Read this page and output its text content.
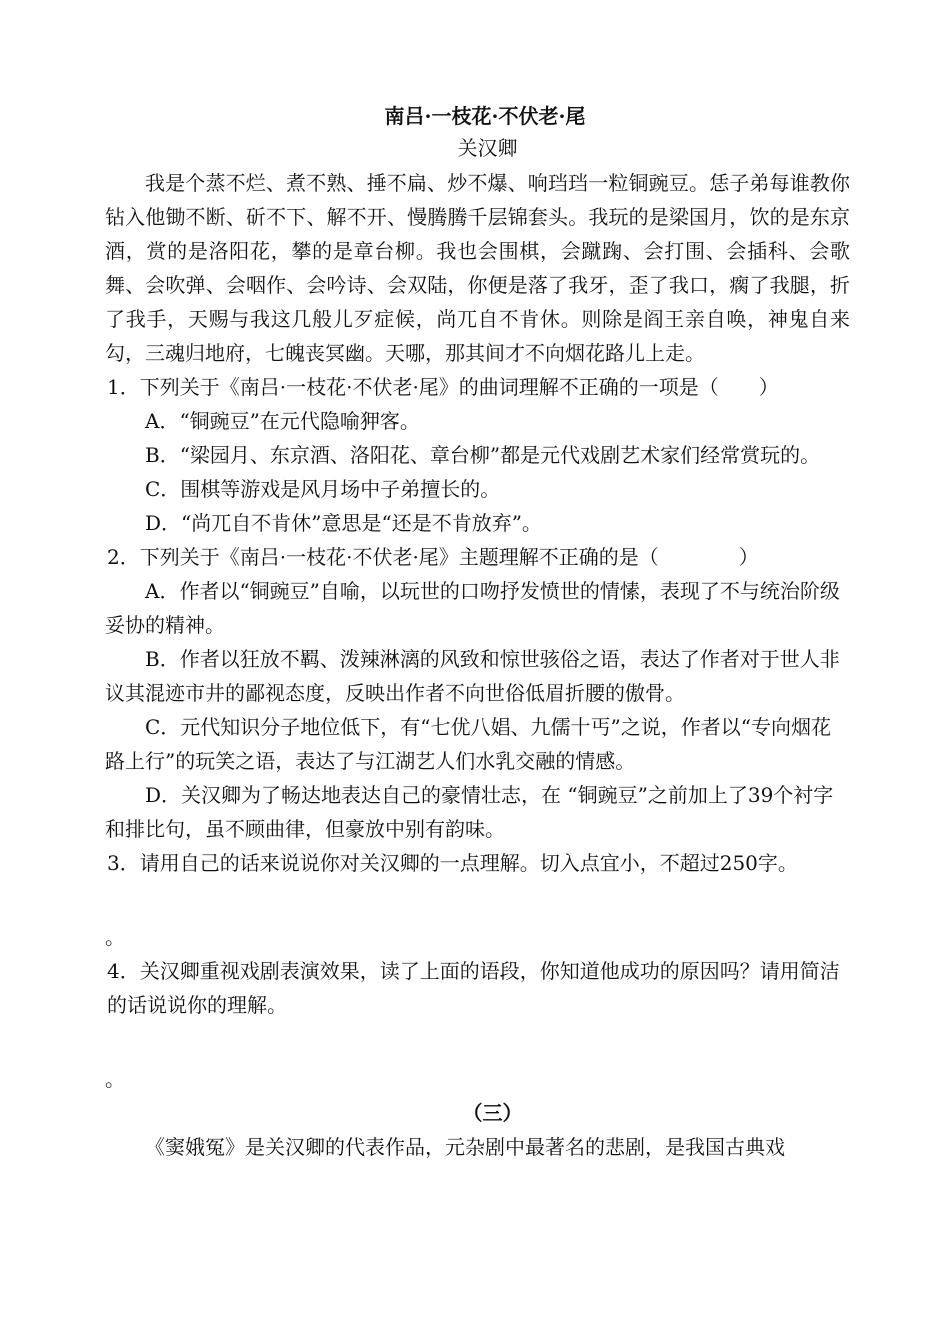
南吕·一枝花·不伏老·尾
关汉卿
我是个蒸不烂、煮不熟、捶不扁、炒不爆、响珰珰一粒铜豌豆。恁子弟每谁教你钻入他锄不断、斫不下、解不开、慢腾腾千层锦套头。我玩的是梁国月，饮的是东京酒，赏的是洛阳花，攀的是章台柳。我也会围棋，会蹴踘、会打围、会插科、会歌舞、会吹弹、会咽作、会吟诗、会双陆，你便是落了我牙，歪了我口，瘸了我腿，折了我手，天赐与我这几般儿歹症候，尚兀自不肯休。则除是阎王亲自唤，神鬼自来勾，三魂归地府，七魄丧冥幽。天哪，那其间才不向烟花路儿上走。
1．下列关于《南吕·一枝花·不伏老·尾》的曲词理解不正确的一项是（　　）
A．“铜豌豆”在元代隐喻狎客。
B．“梁园月、东京酒、洛阳花、章台柳”都是元代戏剧艺术家们经常赏玩的。
C．围棋等游戏是风月场中子弟擅长的。
D．“尚兀自不肯休”意思是“还是不肯放弃”。
2．下列关于《南吕·一枝花·不伏老·尾》主题理解不正确的是（　　　　）
A．作者以“铜豌豆”自喻，以玩世的口吻抒发愤世的情愫，表现了不与统治阶级妥协的精神。
B．作者以狂放不羁、泼辣淋漓的风致和惊世骇俗之语，表达了作者对于世人非议其混迹市井的鄙视态度，反映出作者不向世俗低眉折腰的傲骨。
C．元代知识分子地位低下，有“七优八娼、九儒十丐”之说，作者以“专向烟花路上行”的玩笑之语，表达了与江湖艺人们水乳交融的情感。
D．关汉卿为了畅达地表达自己的豪情壮志，在 “铜豌豆”之前加上了39个衬字和排比句，虽不顾曲律，但豪放中别有韵味。
3．请用自己的话来说说你对关汉卿的一点理解。切入点宜小，不超过250字。
。
4．关汉卿重视戏剧表演效果，读了上面的语段，你知道他成功的原因吗？请用简洁的话说说你的理解。
。
（三）
《窦娥冤》是关汉卿的代表作品，元杂剧中最著名的悲剧，是我国古典戏
